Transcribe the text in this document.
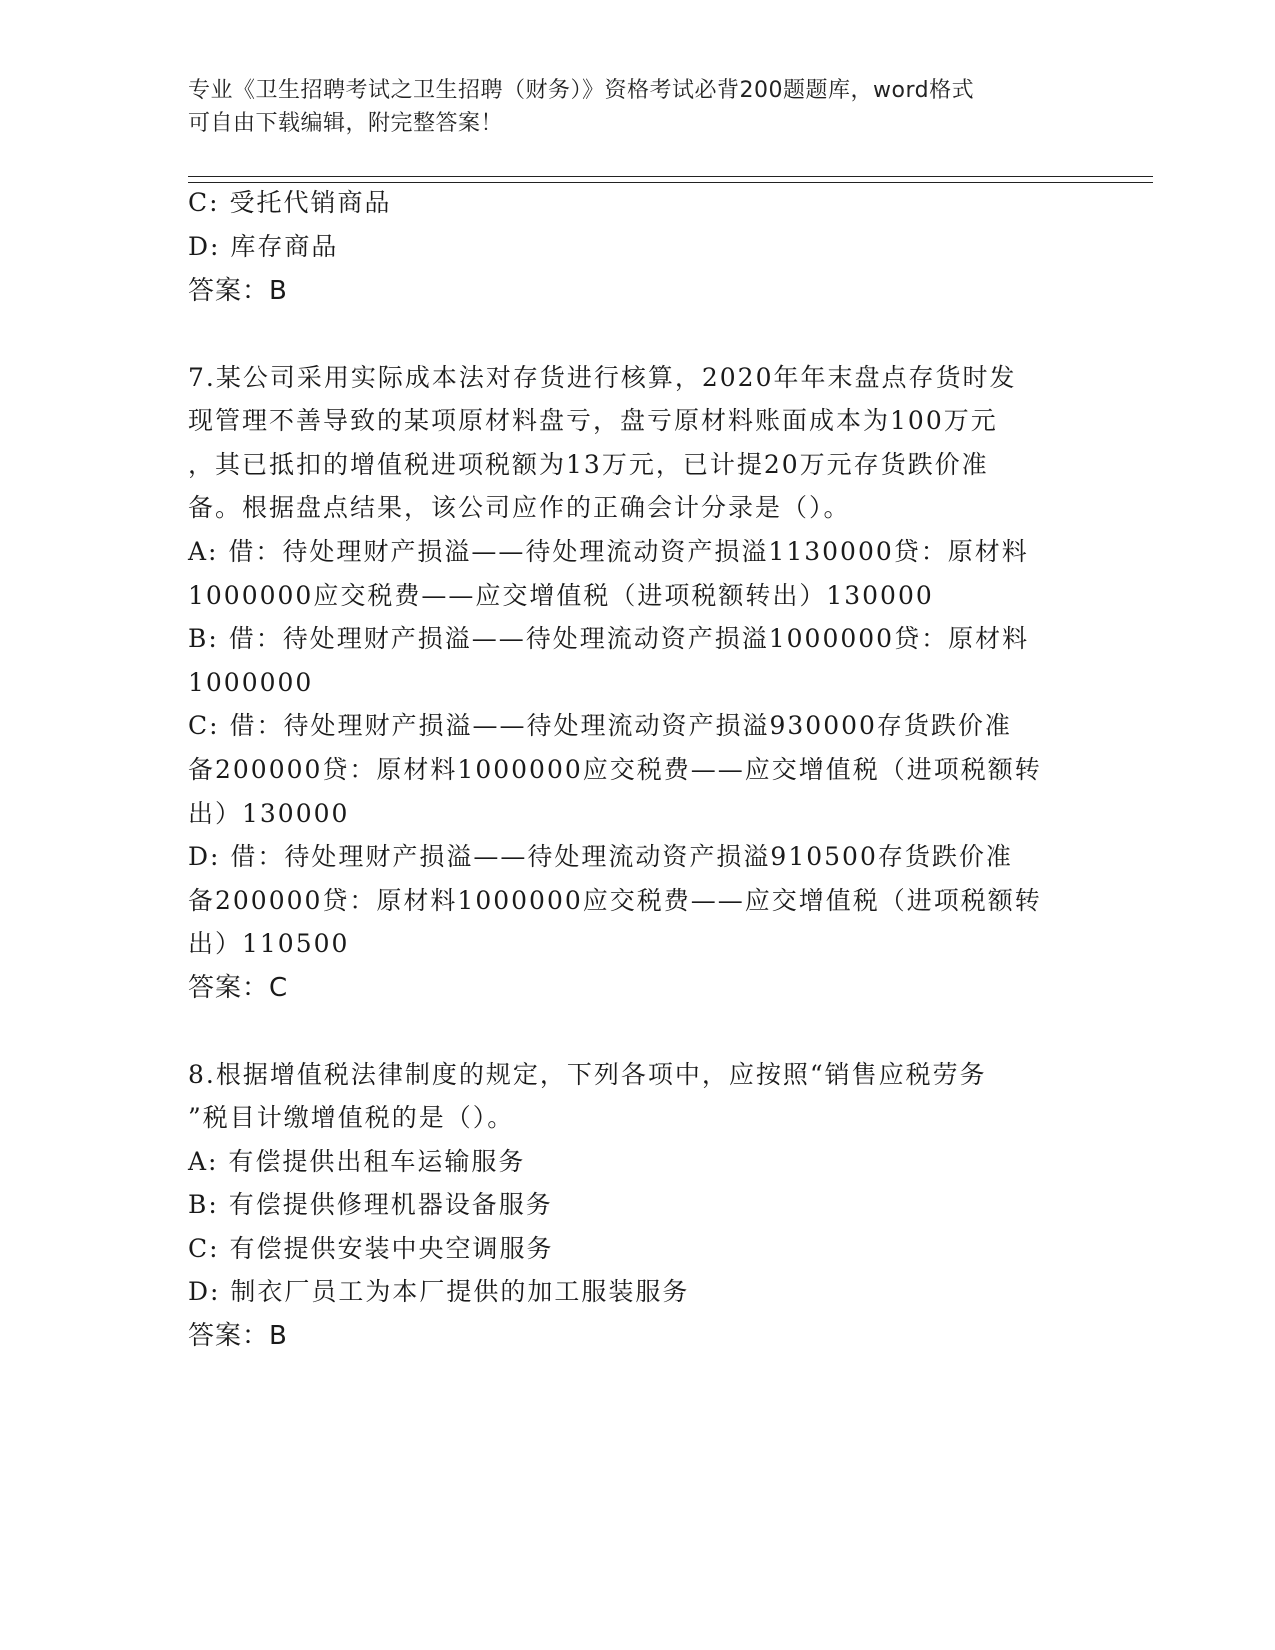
专业《卫生招聘考试之卫生招聘（财务）》资格考试必背200题题库，word格式
可自由下载编辑，附完整答案！
C: 受托代销商品
D: 库存商品
答案：B
7.某公司采用实际成本法对存货进行核算，2020年年末盘点存货时发
现管理不善导致的某项原材料盘亏，盘亏原材料账面成本为100万元
，其已抵扣的增值税进项税额为13万元，已计提20万元存货跌价准
备。根据盘点结果，该公司应作的正确会计分录是（）。
A: 借：待处理财产损溢——待处理流动资产损溢1130000贷：原材料
1000000应交税费——应交增值税（进项税额转出）130000
B: 借：待处理财产损溢——待处理流动资产损溢1000000贷：原材料
1000000
C: 借：待处理财产损溢——待处理流动资产损溢930000存货跌价准
备200000贷：原材料1000000应交税费——应交增值税（进项税额转
出）130000
D: 借：待处理财产损溢——待处理流动资产损溢910500存货跌价准
备200000贷：原材料1000000应交税费——应交增值税（进项税额转
出）110500
答案：C
8.根据增值税法律制度的规定，下列各项中，应按照“销售应税劳务
”税目计缴增值税的是（）。
A: 有偿提供出租车运输服务
B: 有偿提供修理机器设备服务
C: 有偿提供安装中央空调服务
D: 制衣厂员工为本厂提供的加工服装服务
答案：B
